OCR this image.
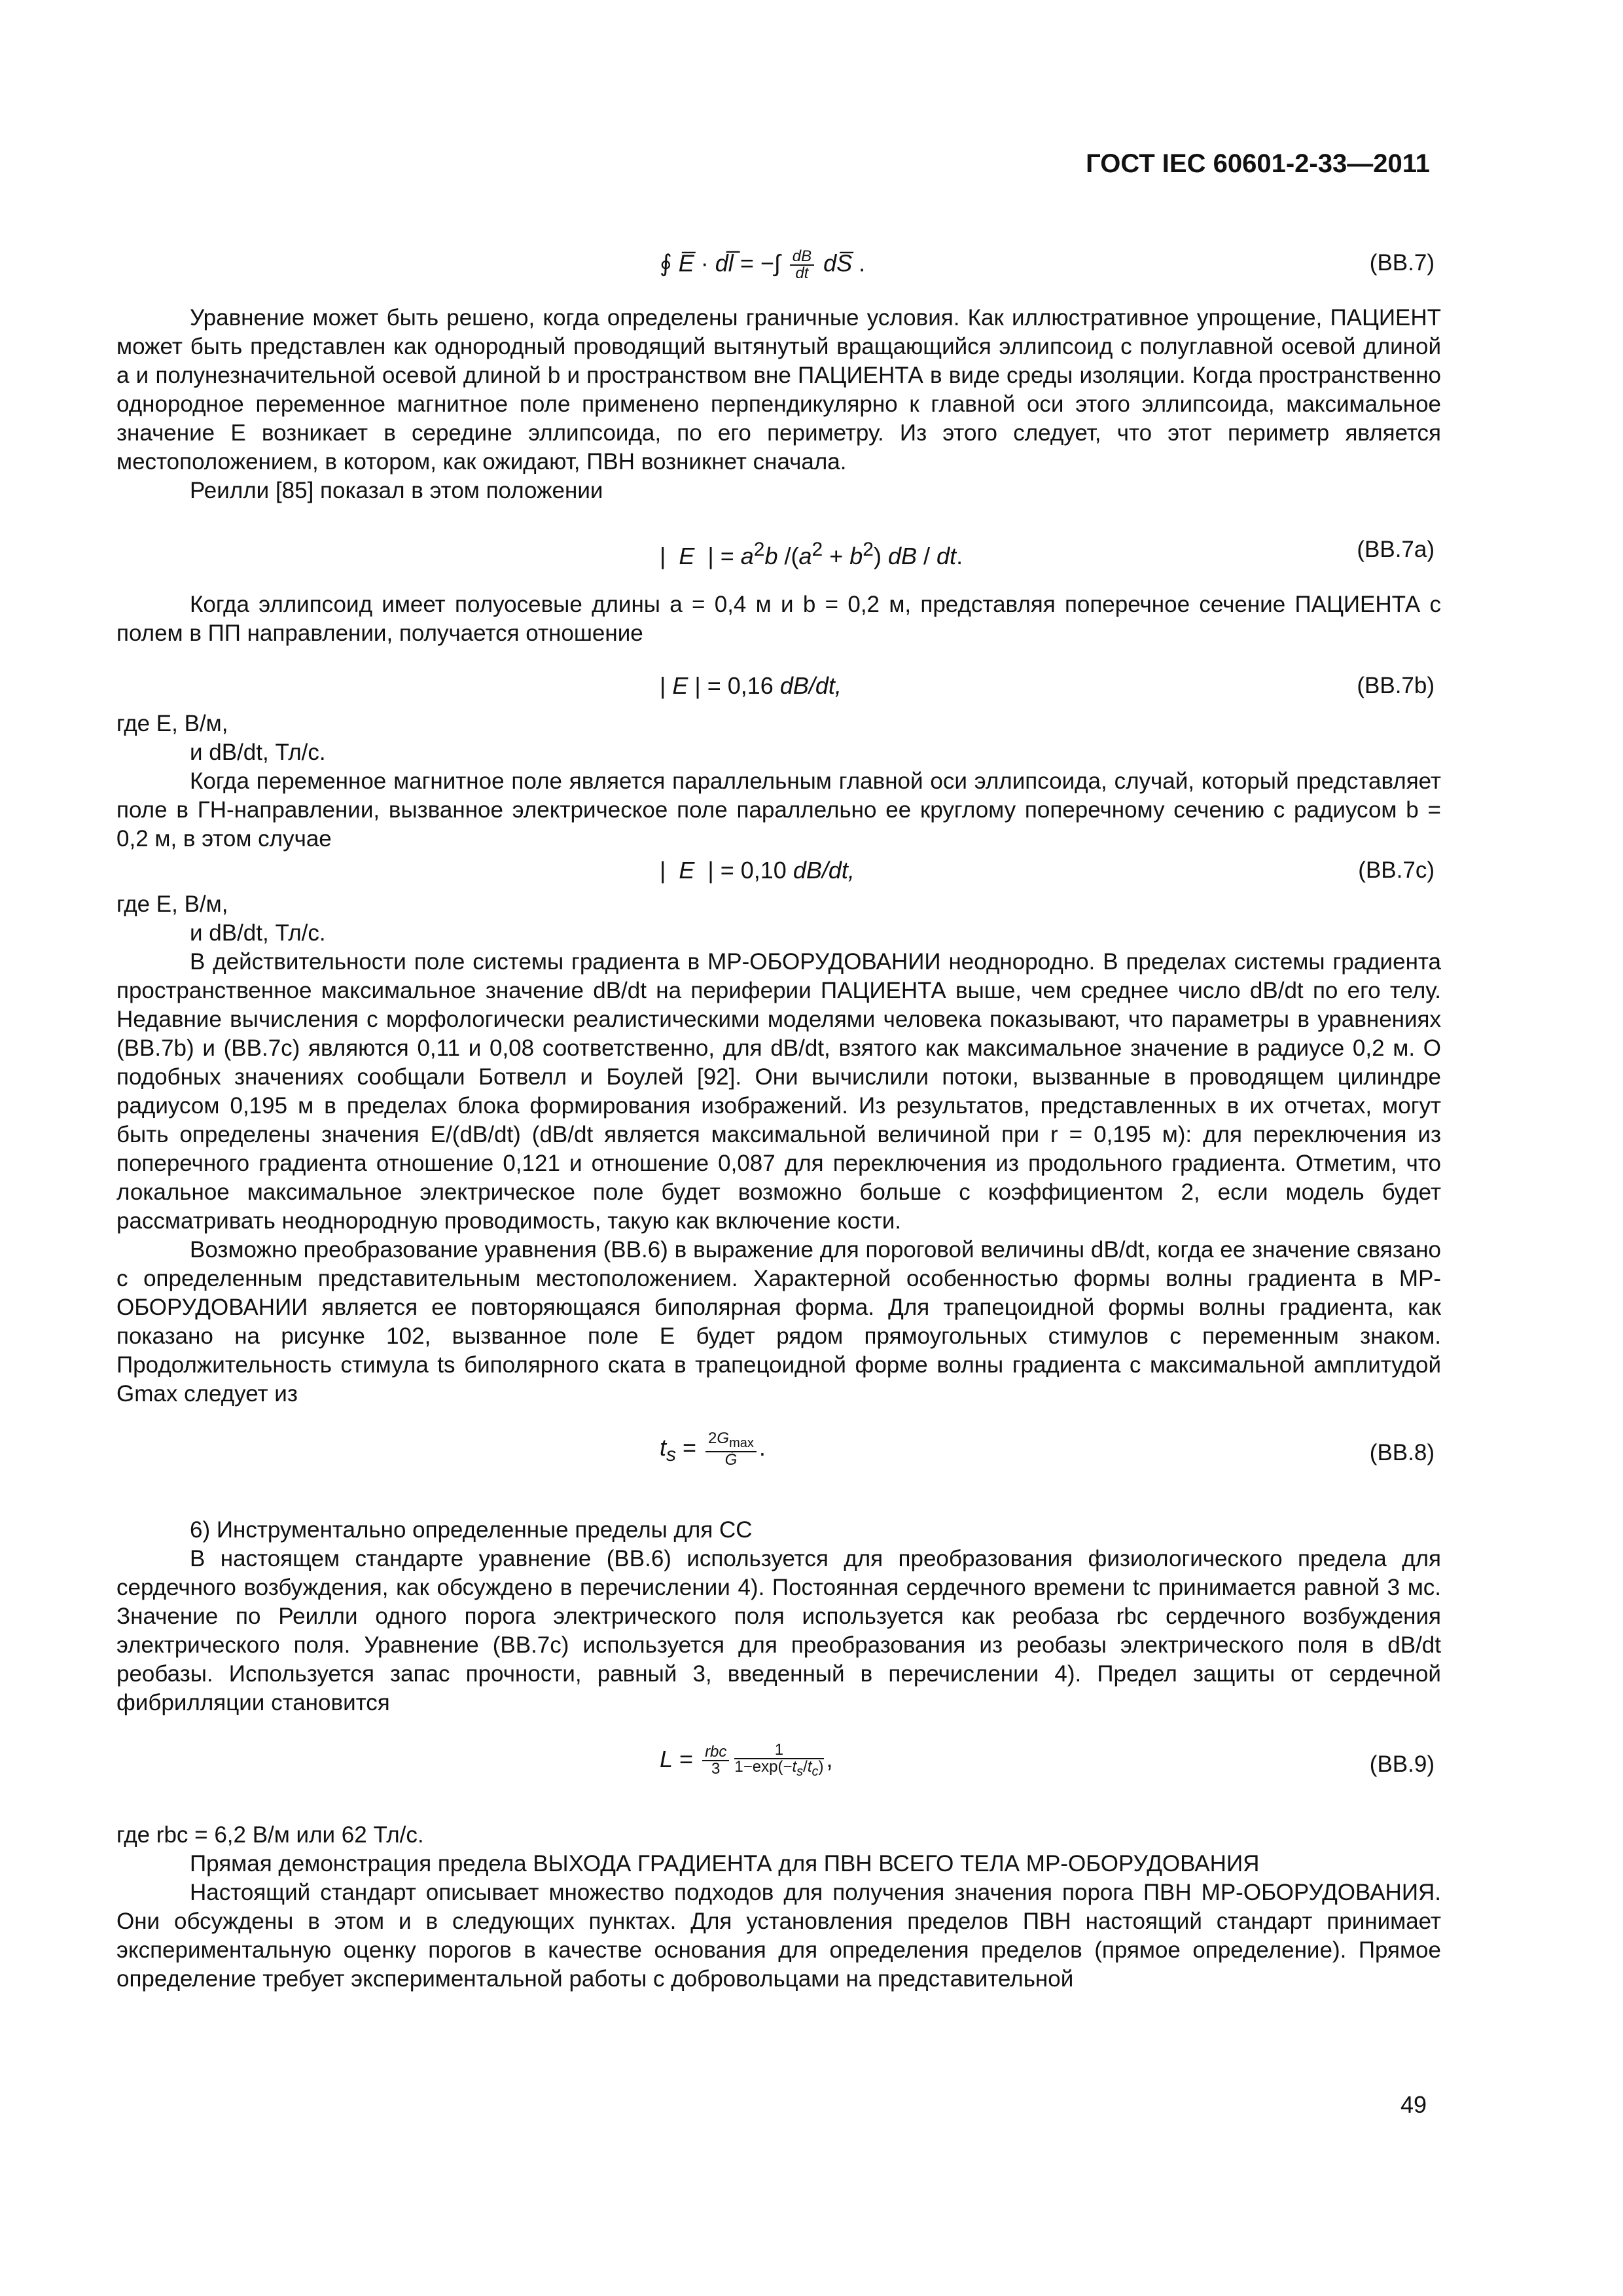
ГОСТ IEC 60601-2-33—2011
∮ E̅ · dl̅ = −∫ $\frac{dB}{dt}$ dS̅ .	(BB.7)

Уравнение может быть решено, когда определены граничные условия. Как иллюстративное упрощение, ПАЦИЕНТ может быть представлен как однородный проводящий вытянутый вращающийся эллипсоид с полуглавной осевой длиной a и полунезначительной осевой длиной b и пространством вне ПАЦИЕНТА в виде среды изоляции. Когда пространственно однородное переменное магнитное поле применено перпендикулярно к главной оси этого эллипсоида, максимальное значение E возникает в середине эллипсоида, по его периметру. Из этого следует, что этот периметр является местоположением, в котором, как ожидают, ПВН возникнет сначала.

Реилли [85] показал в этом положении

|  E  | = $a^2b$ $/(a^2 + b^2)$ dB / dt.	(BB.7a)

Когда эллипсоид имеет полуосевые длины a = 0,4 м и b = 0,2 м, представляя поперечное сечение ПАЦИЕНТА с полем в ПП направлении, получается отношение

| E | = 0,16 dB/dt,	(BB.7b)

где E, В/м,

и dB/dt, Тл/с.

Когда переменное магнитное поле является параллельным главной оси эллипсоида, случай, который представляет поле в ГН-направлении, вызванное электрическое поле параллельно ее круглому поперечному сечению с радиусом b = 0,2 м, в этом случае

|  E  | = 0,10 dB/dt,	(BB.7c)

где E, В/м,

и dB/dt, Тл/с.

В действительности поле системы градиента в МР-ОБОРУДОВАНИИ неоднородно. В пределах системы градиента пространственное максимальное значение dB/dt на периферии ПАЦИЕНТА выше, чем среднее число dB/dt по его телу. Недавние вычисления с морфологически реалистическими моделями человека показывают, что параметры в уравнениях (BB.7b) и (BB.7c) являются 0,11 и 0,08 соответственно, для dB/dt, взятого как максимальное значение в радиусе 0,2 м. О подобных значениях сообщали Ботвелл и Боулей [92]. Они вычислили потоки, вызванные в проводящем цилиндре радиусом 0,195 м в пределах блока формирования изображений. Из результатов, представленных в их отчетах, могут быть определены значения E/(dB/dt) (dB/dt является максимальной величиной при r = 0,195 м): для переключения из поперечного градиента отношение 0,121 и отношение 0,087 для переключения из продольного градиента. Отметим, что локальное максимальное электрическое поле будет возможно больше с коэффициентом 2, если модель будет рассматривать неоднородную проводимость, такую как включение кости.

Возможно преобразование уравнения (BB.6) в выражение для пороговой величины dB/dt, когда ее значение связано с определенным представительным местоположением. Характерной особенностью формы волны градиента в МР-ОБОРУДОВАНИИ является ее повторяющаяся биполярная форма. Для трапецоидной формы волны градиента, как показано на рисунке 102, вызванное поле E будет рядом прямоугольных стимулов с переменным знаком. Продолжительность стимула ts биполярного ската в трапецоидной форме волны градиента с максимальной амплитудой Gmax следует из

$t_s = \frac{2G_{max}}{Ġ}$ .	(BB.8)

6) Инструментально определенные пределы для CC

В настоящем стандарте уравнение (BB.6) используется для преобразования физиологического предела для сердечного возбуждения, как обсуждено в перечислении 4). Постоянная сердечного времени tc принимается равной 3 мс. Значение по Реилли одного порога электрического поля используется как реобаза rbc сердечного возбуждения электрического поля. Уравнение (BB.7c) используется для преобразования из реобазы электрического поля в dB/dt реобазы. Используется запас прочности, равный 3, введенный в перечислении 4). Предел защиты от сердечной фибрилляции становится

$L = \frac{\text{rbc}}{3} \frac{1}{1-\exp(-t_s/t_c)}$ ,	(BB.9)

где rbc = 6,2 В/м или 62 Тл/с.

Прямая демонстрация предела ВЫХОДА ГРАДИЕНТА для ПВН ВСЕГО ТЕЛА МР-ОБОРУДОВАНИЯ

Настоящий стандарт описывает множество подходов для получения значения порога ПВН МР-ОБОРУДОВАНИЯ. Они обсуждены в этом и в следующих пунктах. Для установления пределов ПВН настоящий стандарт принимает экспериментальную оценку порогов в качестве основания для определения пределов (прямое определение). Прямое определение требует экспериментальной работы с добровольцами на представительной

49
